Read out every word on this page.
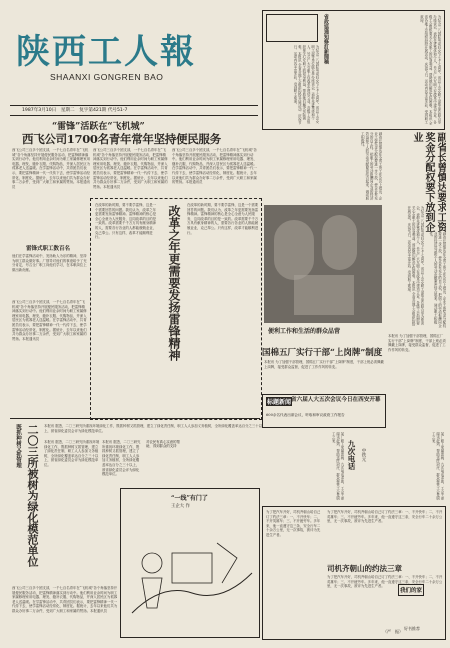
陕西工人報
SHAANXI GONGREN BAO
1987年3月10日　星期二　复字第421期 代号51-7
省政協通知修訂新聞稿	为纪念三八国际劳动妇女节七十七周年，省总工会女职工部等单位联合举办座谈会，表彰先进集体和个人，号召广大女职工在改革中建功立业。各级工会组织要关心女职工的切身利益，帮助她们解决实际困难。本报讯 全省各地工会组织纷纷开展活动，庆祝节日，活动内容丰富多彩，受到职工欢迎。
为纪念三八国际劳动妇女节七十七周年，省总工会女职工部等单位联合举办座谈会，表彰先进集体和个人，号召广大女职工在改革中建功立业。各级工会组织要关心女职工的切身利益，帮助她们解决实际困难。本报讯 全省各地工会组织纷纷开展活动，庆祝节日，活动内容丰富多彩，受到职工欢迎。
“雷锋”活跃在“飞机城”
西飞公司1700名青年常年坚持便民服务
西飞公司三百多个团支部，一千七百名青年在“飞机城”各个角落坚持开展便民服务活动，把雷锋精神落实到行动中。他们利用业余时间为职工家属修理家用电器、理发、缝补衣服、代购物品，并深入居民区为孤寡老人送温暖。在学雷锋活动中，共青团员们表示，要把雷锋精神一代一代传下去，使学雷锋活动经常化、制度化。据统计，去年以来他们共为群众办好事二万余件，受到广大职工和家属的赞扬。本报通讯员
西飞公司三百多个团支部，一千七百名青年在“飞机城”各个角落坚持开展便民服务活动，把雷锋精神落实到行动中。他们利用业余时间为职工家属修理家用电器、理发、缝补衣服、代购物品，并深入居民区为孤寡老人送温暖。在学雷锋活动中，共青团员们表示，要把雷锋精神一代一代传下去，使学雷锋活动经常化、制度化。据统计，去年以来他们共为群众办好事二万余件，受到广大职工和家属的赞扬。本报通讯员
西飞公司三百多个团支部，一千七百名青年在“飞机城”各个角落坚持开展便民服务活动，把雷锋精神落实到行动中。他们利用业余时间为职工家属修理家用电器、理发、缝补衣服、代购物品，并深入居民区为孤寡老人送温暖。在学雷锋活动中，共青团员们表示，要把雷锋精神一代一代传下去，使学雷锋活动经常化、制度化。据统计，去年以来他们共为群众办好事二万余件，受到广大职工和家属的赞扬。本报通讯员
雷锋式职工数百名
他们在学雷锋活动中，发扬助人为乐的精神，坚持为职工群众做好事。厂领导对他们的事迹给予了充分肯定，号召全厂职工向他们学习，在本职岗位上做出新贡献。
西飞公司三百多个团支部，一千七百名青年在“飞机城”各个角落坚持开展便民服务活动，把雷锋精神落实到行动中。他们利用业余时间为职工家属修理家用电器、理发、缝补衣服、代购物品，并深入居民区为孤寡老人送温暖。在学雷锋活动中，共青团员们表示，要把雷锋精神一代一代传下去，使学雷锋活动经常化、制度化。据统计，去年以来他们共为群众办好事二万余件，受到广大职工和家属的赞扬。本报通讯员
在改革的新时期，要不要学雷锋，这是一个需要回答的问题。我们认为，改革之年更需要发扬雷锋精神。雷锋精神的核心是全心全意为人民服务，这同改革的目的是一致的。改革需要千千万万具有献身精神的人，需要各行各业的人都能兢兢业业，克己奉公。只有这样，改革才能顺利进行。	改革之年更需要发扬雷锋精神 在改革的新时期，要不要学雷锋，这是一个需要回答的问题。我们认为，改革之年更需要发扬雷锋精神。雷锋精神的核心是全心全意为人民服务，这同改革的目的是一致的。改革需要千千万万具有献身精神的人，需要各行各业的人都能兢兢业业，克己奉公。只有这样，改革才能顺利进行。
副省长曾慎达在全省工资工作会议上指出，企业工资奖金分配权要进一步下放，使企业有充分的自主权，把职工的劳动报酬同企业的经济效益和个人的劳动贡献紧密结合起来，调动职工积极性。
为纪念三八国际劳动妇女节七十七周年，省总工会女职工部等单位联合举办座谈会，表彰先进集体和个人，号召广大女职工在改革中建功立业。各级工会组织要关心女职工的切身利益，帮助她们解决实际困难。本报讯 全省各地工会组织纷纷开展活动，庆祝节日，活动内容丰富多彩，受到职工欢迎。
副省长曾慎达要求工资奖金分配权要下放到企业
副省长曾慎达在全省工资工作会议上指出，企业工资奖金分配权要进一步下放，使企业有充分的自主权，把职工的劳动报酬同企业的经济效益和个人的劳动贡献紧密结合起来，调动职工积极性。
便利工作和生活的群众品营
国棉五厂实行干部“上岗牌”制度
本报讯 为了加强干部管理，国棉五厂实行干部“上岗牌”制度，干部上班必须佩戴上岗牌，接受群众监督，促进了工作作风的转变。
本报讯 为了加强干部管理，国棉五厂实行干部“上岗牌”制度，干部上班必须佩戴上岗牌，接受群众监督，促进了工作作风的转变。
标题新闻 省六届人大五次会议今日在西安开幕
600余名代表出席会议，听取和审议政府工作报告
某厂职工家属患病，九次电话求助，工会干部闻讯赶到，帮助送医治疗，群众称赞工会是职工之家。
九次电话 中铁元	某厂职工家属患病，九次电话求助，工会干部闻讯赶到，帮助送医治疗，群众称赞工会是职工之家。
既抓种树又抓管理 二〇三所被树为绿化模范单位 本报讯 据悉，二〇三研究所重视环境绿化工作，既抓种树又抓管理，建立了绿化责任制，职工人人参加义务植树，全所绿化覆盖率达百分之三十以上，被省绿化委员会评为绿化模范单位。
本报讯 据悉，二〇三研究所重视环境绿化工作，既抓种树又抓管理，建立了绿化责任制，职工人人参加义务植树，全所绿化覆盖率达百分之三十以上，被省绿化委员会评为绿化模范单位。
西飞公司三百多个团支部，一千七百名青年在“飞机城”各个角落坚持开展便民服务活动，把雷锋精神落实到行动中。他们利用业余时间为职工家属修理家用电器、理发、缝补衣服、代购物品，并深入居民区为孤寡老人送温暖。在学雷锋活动中，共青团员们表示，要把雷锋精神一代一代传下去，使学雷锋活动经常化、制度化。据统计，去年以来他们共为群众办好事二万余件，受到广大职工和家属的赞扬。本报通讯员
本报讯 据悉，二〇三研究所重视环境绿化工作，既抓种树又抓管理，建立了绿化责任制，职工人人参加义务植树，全所绿化覆盖率达百分之三十以上，被省绿化委员会评为绿化模范单位。
对农民有真心实意的帮助，得到群众的支持
“一线”有门了
王企大 作
为了把汽车开好，司机齐朝山给自己订了约法三章：一、不开快车；二、不开英雄车；三、不开疲劳车。多年来，他一直遵守这三条，安全行车二十余万公里，无一次事故，被评为先进生产者。
司机齐朝山的约法三章
为了把汽车开好，司机齐朝山给自己订了约法三章：一、不开快车；二、不开英雄车；三、不开疲劳车。多年来，他一直遵守这三条，安全行车二十余万公里，无一次事故，被评为先进生产者。
为了把汽车开好，司机齐朝山给自己订了约法三章：一、不开快车；二、不开英雄车；三、不开疲劳车。多年来，他一直遵守这三条，安全行车二十余万公里，无一次事故，被评为先进生产者。
（严　振）
我们的家
好书推荐
